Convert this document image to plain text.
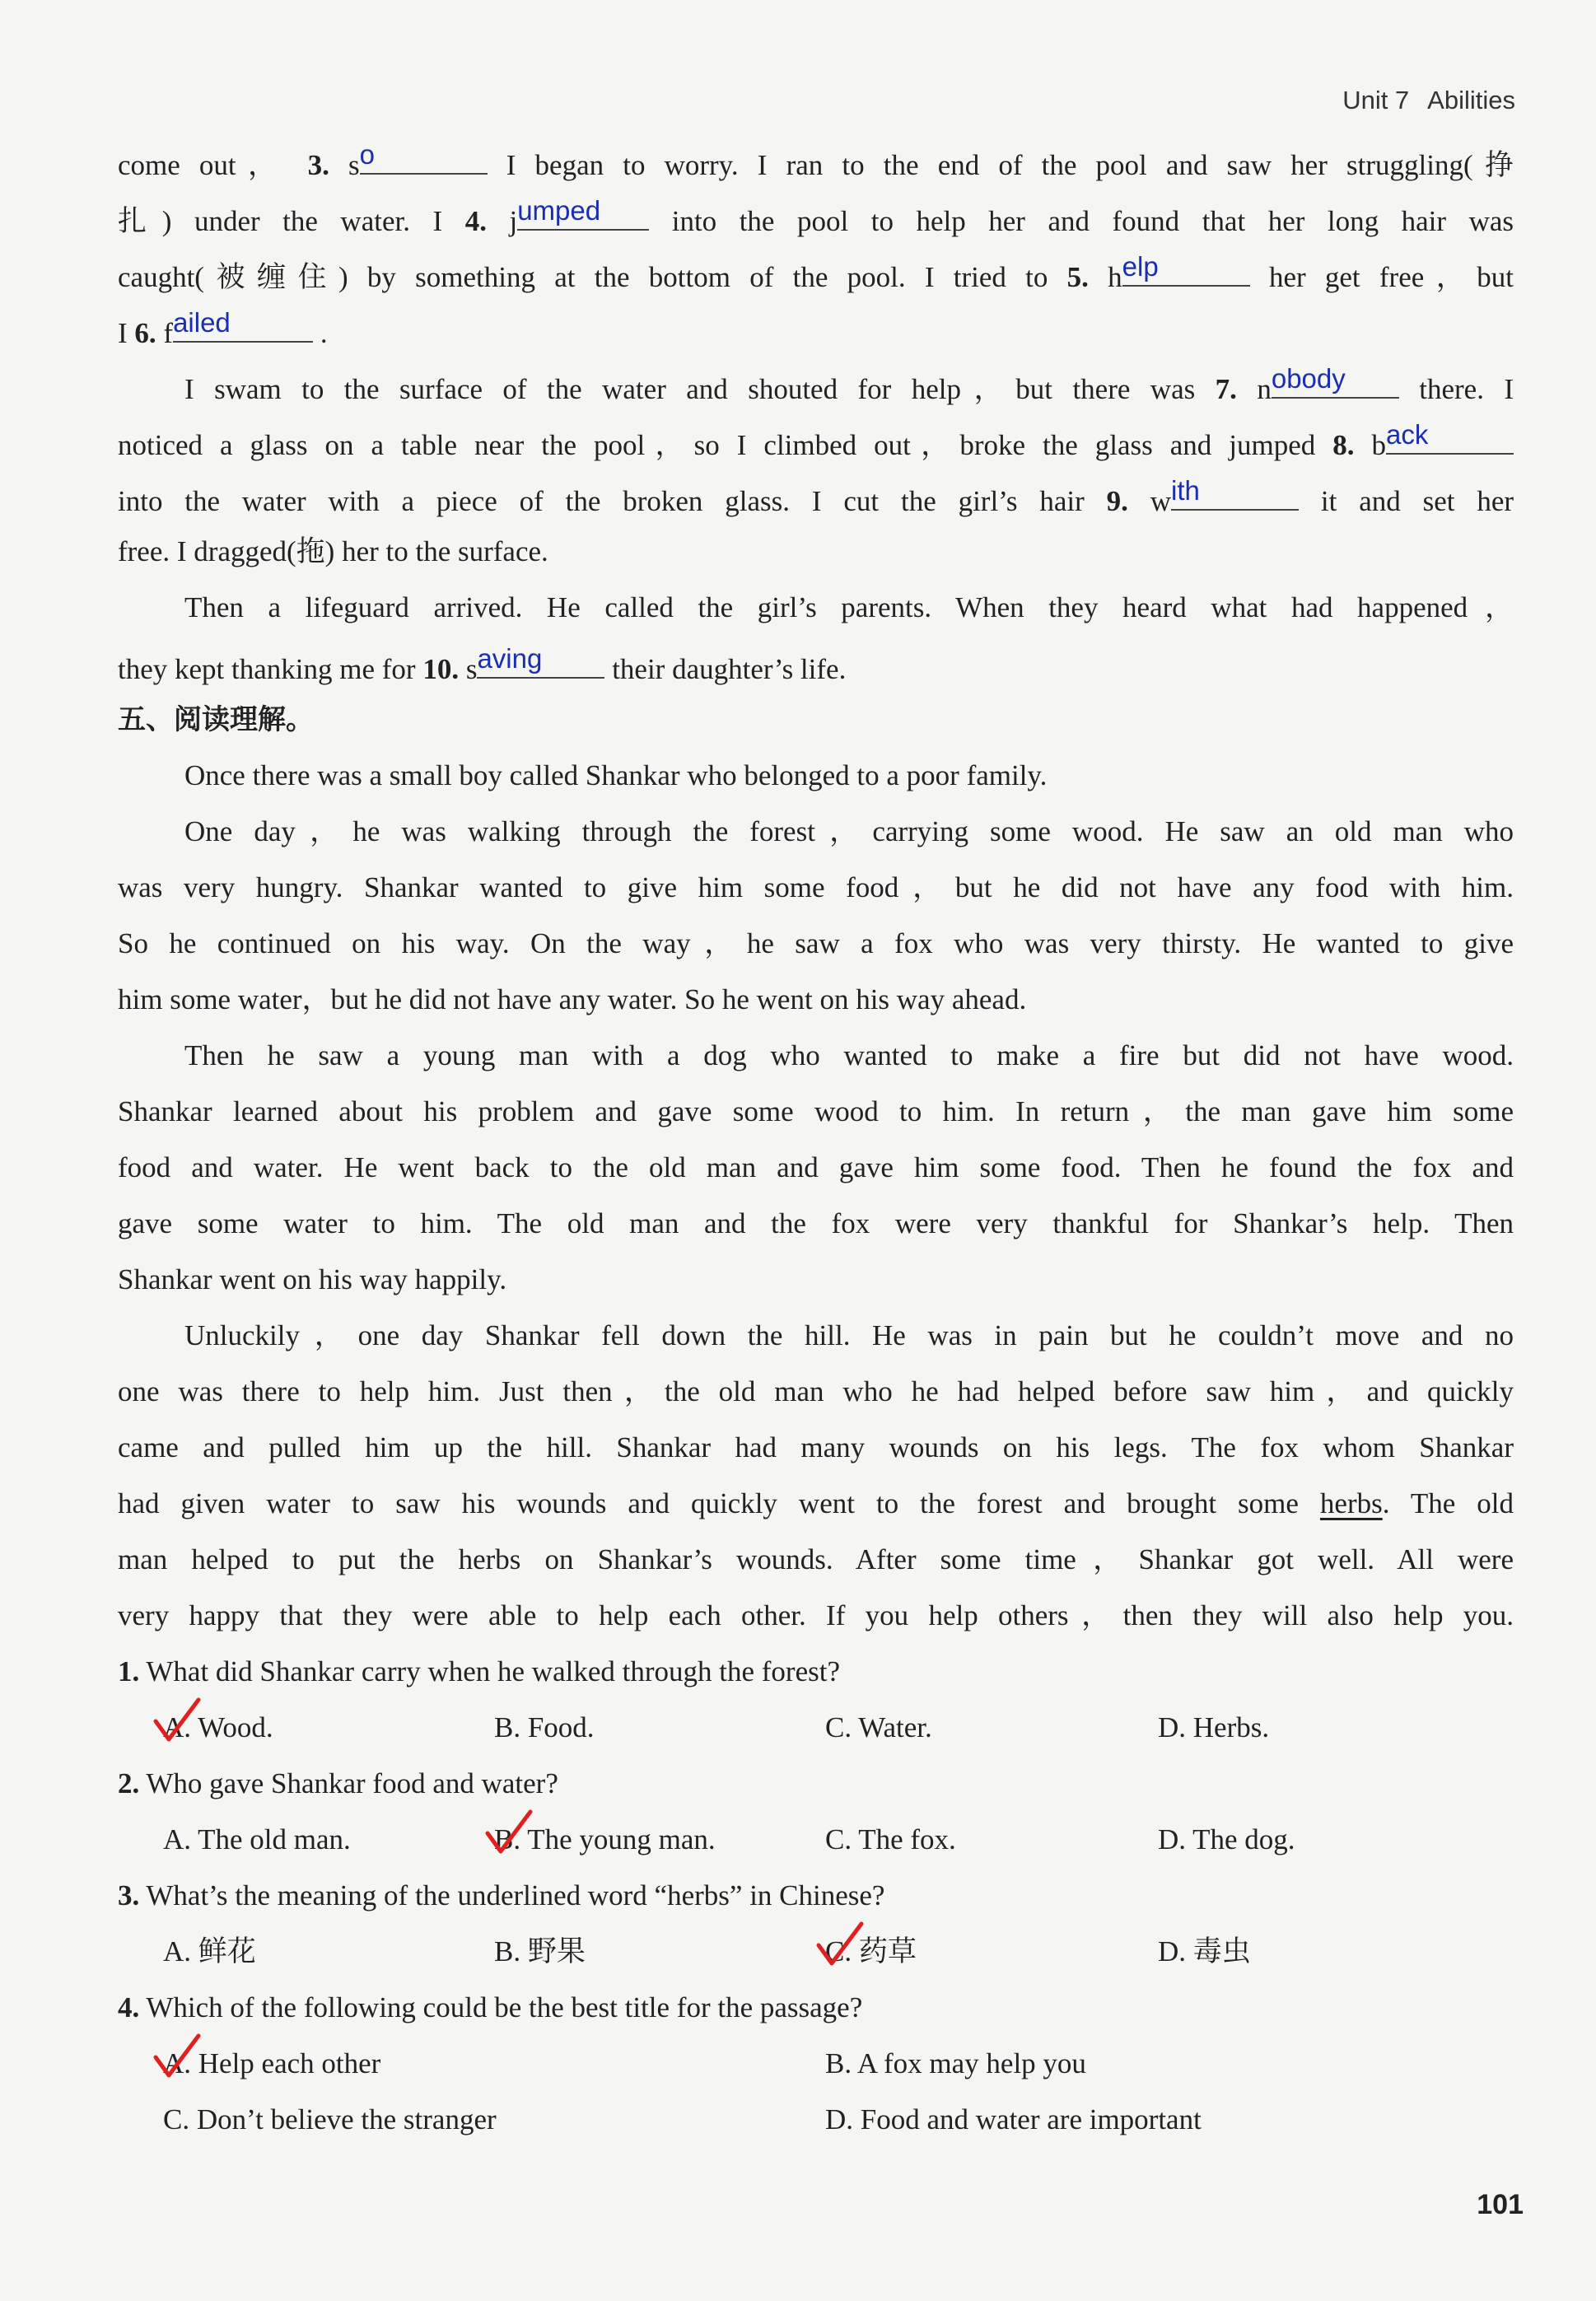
Unit 7 Abilities
come out， 3. s o	I began to worry. I ran to the end of the pool and saw her struggling(挣
扎) under the water. I 4. j umped into the pool to help her and found that her long hair was
caught(被缠住) by something at the bottom of the pool. I tried to 5. h elp	her get free，but
I 6. f ailed	.
I swam to the surface of the water and shouted for help，but there was 7. n obody	there. I
noticed a glass on a table near the pool，so I climbed out，broke the glass and jumped 8. b ack
into the water with a piece of the broken glass. I cut the girl’s hair 9. w ith	it and set her
free. I dragged(拖) her to the surface.
Then a lifeguard arrived. He called the girl’s parents. When they heard what had happened，
they kept thanking me for 10. s aving their daughter’s life.
五、阅读理解。
Once there was a small boy called Shankar who belonged to a poor family.
One day，he was walking through the forest，carrying some wood. He saw an old man who
was very hungry. Shankar wanted to give him some food，but he did not have any food with him.
So he continued on his way. On the way，he saw a fox who was very thirsty. He wanted to give
him some water，but he did not have any water. So he went on his way ahead.
Then he saw a young man with a dog who wanted to make a fire but did not have wood.
Shankar learned about his problem and gave some wood to him. In return，the man gave him some
food and water. He went back to the old man and gave him some food. Then he found the fox and
gave some water to him. The old man and the fox were very thankful for Shankar’s help. Then
Shankar went on his way happily.
Unluckily，one day Shankar fell down the hill. He was in pain but he couldn’t move and no
one was there to help him. Just then，the old man who he had helped before saw him，and quickly
came and pulled him up the hill. Shankar had many wounds on his legs. The fox whom Shankar
had given water to saw his wounds and quickly went to the forest and brought some herbs. The old
man helped to put the herbs on Shankar’s wounds. After some time，Shankar got well. All were
very happy that they were able to help each other. If you help others，then they will also help you.
1. What did Shankar carry when he walked through the forest?
A. Wood.	B. Food.	C. Water.	D. Herbs.
2. Who gave Shankar food and water?
A. The old man.	B. The young man.	C. The fox.	D. The dog.
3. What’s the meaning of the underlined word “herbs” in Chinese?
A. 鲜花	B. 野果	C. 药草	D. 毒虫
4. Which of the following could be the best title for the passage?
A. Help each other	B. A fox may help you
C. Don’t believe the stranger	D. Food and water are important
101
